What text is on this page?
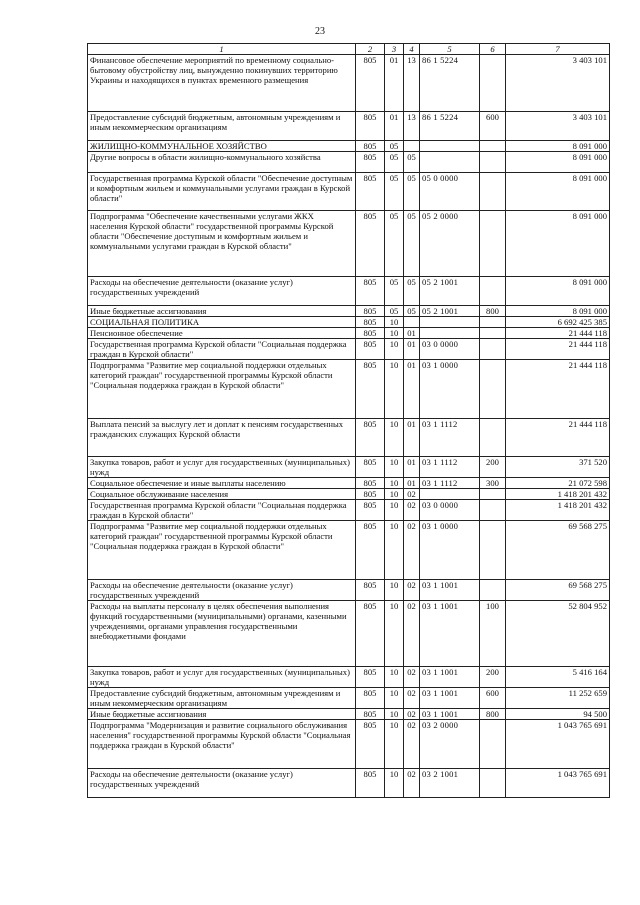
23
1	2	3	4	5	6	7
Финансовое обеспечение мероприятий по временному социально-бытовому обустройству лиц, вынужденно покинувших территорию Украины и находящихся в пунктах временного размещения	805	01	13	86 1 5224		3 403 101
Предоставление субсидий бюджетным, автономным учреждениям и иным некоммерческим организациям	805	01	13	86 1 5224	600	3 403 101
ЖИЛИЩНО-КОММУНАЛЬНОЕ ХОЗЯЙСТВО	805	05				8 091 000
Другие вопросы в области жилищно-коммунального хозяйства	805	05	05			8 091 000
Государственная программа Курской области "Обеспечение доступным и комфортным жильем и коммунальными услугами граждан в Курской области"	805	05	05	05 0 0000		8 091 000
Подпрограмма "Обеспечение качественными услугами ЖКХ населения Курской области" государственной программы Курской области "Обеспечение доступным и комфортным жильем и коммунальными услугами граждан в Курской области"	805	05	05	05 2 0000		8 091 000
Расходы на обеспечение деятельности (оказание услуг) государственных учреждений	805	05	05	05 2 1001		8 091 000
Иные бюджетные ассигнования	805	05	05	05 2 1001	800	8 091 000
СОЦИАЛЬНАЯ ПОЛИТИКА	805	10				6 692 425 385
Пенсионное обеспечение	805	10	01			21 444 118
Государственная программа Курской области "Социальная поддержка граждан в Курской области"	805	10	01	03 0 0000		21 444 118
Подпрограмма "Развитие мер социальной поддержки отдельных категорий граждан" государственной программы Курской области "Социальная поддержка граждан в Курской области"	805	10	01	03 1 0000		21 444 118
Выплата пенсий за выслугу лет и доплат к пенсиям государственных гражданских служащих Курской области	805	10	01	03 1 1112		21 444 118
Закупка товаров, работ и услуг для государственных (муниципальных) нужд	805	10	01	03 1 1112	200	371 520
Социальное обеспечение и иные выплаты населению	805	10	01	03 1 1112	300	21 072 598
Социальное обслуживание населения	805	10	02			1 418 201 432
Государственная программа Курской области "Социальная поддержка граждан в Курской области"	805	10	02	03 0 0000		1 418 201 432
Подпрограмма "Развитие мер социальной поддержки отдельных категорий граждан" государственной программы Курской области "Социальная поддержка граждан в Курской области"	805	10	02	03 1 0000		69 568 275
Расходы на обеспечение деятельности (оказание услуг) государственных учреждений	805	10	02	03 1 1001		69 568 275
Расходы на выплаты персоналу в целях обеспечения выполнения функций государственными (муниципальными) органами, казенными учреждениями, органами управления государственными внебюджетными фондами	805	10	02	03 1 1001	100	52 804 952
Закупка товаров, работ и услуг для государственных (муниципальных) нужд	805	10	02	03 1 1001	200	5 416 164
Предоставление субсидий бюджетным, автономным учреждениям и иным некоммерческим организациям	805	10	02	03 1 1001	600	11 252 659
Иные бюджетные ассигнования	805	10	02	03 1 1001	800	94 500
Подпрограмма "Модернизация и развитие социального обслуживания населения" государственной программы Курской области "Социальная поддержка граждан в Курской области"	805	10	02	03 2 0000		1 043 765 691
Расходы на обеспечение деятельности (оказание услуг) государственных учреждений	805	10	02	03 2 1001		1 043 765 691
